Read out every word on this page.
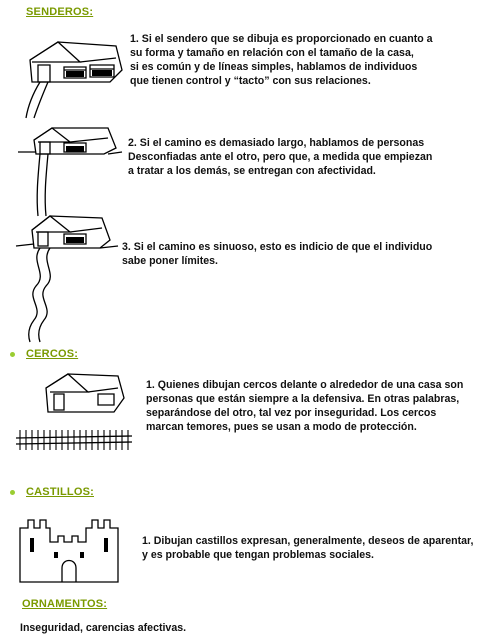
SENDEROS:
1. Si el sendero que se dibuja es proporcionado en cuanto a
su forma y tamaño en relación con el tamaño de la casa,
si es común y de líneas simples, hablamos de individuos
que tienen control y “tacto” con sus relaciones.
2. Si el camino es demasiado largo, hablamos de personas
Desconfiadas ante el otro, pero que, a medida que empiezan
a tratar a los demás, se entregan con afectividad.
3. Si el camino es sinuoso, esto es indicio de que el individuo
sabe poner límites.
CERCOS:
1. Quienes dibujan cercos delante o alrededor de una casa son
personas que están siempre a la defensiva. En otras palabras,
separándose del otro, tal vez por inseguridad. Los cercos
marcan temores, pues se usan a modo de protección.
CASTILLOS:
1. Dibujan castillos expresan, generalmente, deseos de aparentar,
y es probable que tengan problemas sociales.
ORNAMENTOS:
Inseguridad, carencias afectivas.
